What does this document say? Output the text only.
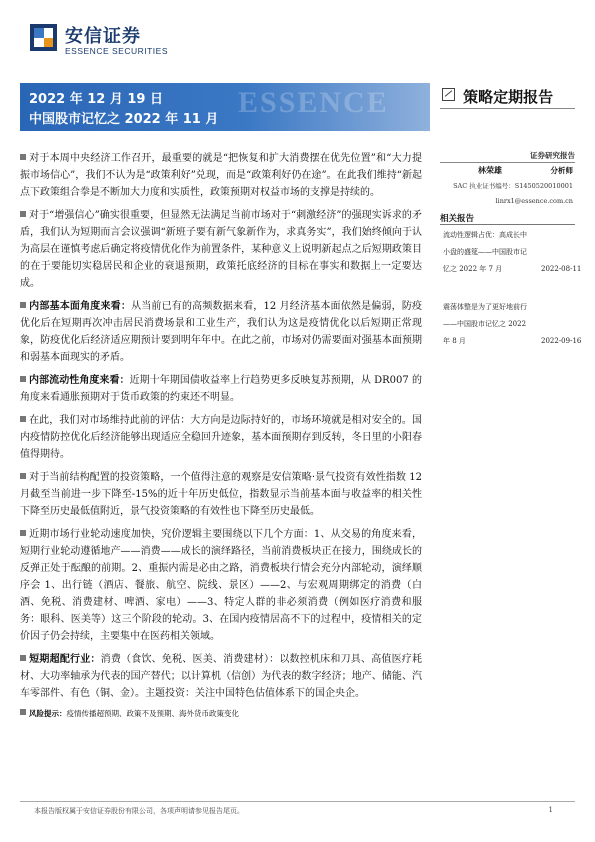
安信证券
ESSENCE SECURITIES
ESSENCE
2022 年 12 月 19 日
中国股市记忆之 2022 年 11 月
策略定期报告
证券研究报告
林荣雄	分析师
SAC 执业证书编号：S1450520010001
linrx1@essence.com.cn
相关报告
流动性逻辑占优：高成长中小盘的盛筵——中国股市记忆之 2022 年 7 月	2022-08-11
震荡体整是为了更好地前行——中国股市记忆之 2022 年 8 月	2022-09-16
对于本周中央经济工作召开，最重要的就是“把恢复和扩大消费摆在优先位置”和“大力提振市场信心”，我们不认为是“政策利好”兑现，而是“政策利好仍在途”。在此我们维持“新起点下政策组合拳是不断加大力度和实质性，政策预期对权益市场的支撑是持续的。
对于“增强信心”确实很重要，但显然无法满足当前市场对于“刺激经济”的强现实诉求的矛盾，我们认为短期而言会议强调“新班子要有新气象新作为，求真务实”，我们始终倾向于认为高层在谨慎考虑后确定将疫情优化作为前置条件，某种意义上说明新起点之后短期政策目的在于要能切实稳居民和企业的衰退预期，政策托底经济的目标在事实和数据上一定要达成。
内部基本面角度来看：从当前已有的高频数据来看，12 月经济基本面依然是偏弱，防疫优化后在短期再次冲击居民消费场景和工业生产，我们认为这是疫情优化以后短期正常现象，防疫优化后经济适应期预计要到明年年中。在此之前，市场对仍需要面对强基本面预期和弱基本面现实的矛盾。
内部流动性角度来看：近期十年期国债收益率上行趋势更多反映复苏预期，从 DR007 的角度来看通胀预期对于货币政策的约束还不明显。
在此，我们对市场维持此前的评估：大方向是边际持好的，市场环境就是相对安全的。国内疫情防控优化后经济能够出现适应全稳回升迹象，基本面预期存到反转，冬日里的小阳春值得期待。
对于当前结构配置的投资策略，一个值得注意的观察是安信策略·景气投资有效性指数 12 月截至当前进一步下降至-15%的近十年历史低位，指数显示当前基本面与收益率的相关性下降至历史最低值附近，景气投资策略的有效性也下降至历史最低。
近期市场行业轮动速度加快，究价逻辑主要围绕以下几个方面：1、从交易的角度来看，短期行业轮动遵循地产——消费——成长的演绎路径，当前消费板块正在接力，围绕成长的反弹正处于酝酿的前期。2、重振内需是必由之路，消费板块行情会充分内部轮动，演绎顺序会 1、出行链（酒店、餐旅、航空、院线、景区）——2、与宏观周期绑定的消费（白酒、免税、消费建材、啤酒、家电）——3、特定人群的非必须消费（例如医疗消费和服务：眼科、医美等）这三个阶段的轮动。3、在国内疫情居高不下的过程中，疫情相关的定价因子仍会持续，主要集中在医药相关领域。
短期超配行业：消费（食饮、免税、医美、消费建材）：以数控机床和刀具、高值医疗耗材、大功率轴承为代表的国产替代；以计算机（信创）为代表的数字经济；地产、储能、汽车零部件、有色（铜、金）。主题投资：关注中国特色估值体系下的国企央企。
风险提示：疫情传播超预期、政策不及预期、海外货币政策变化
本报告版权属于安信证券股份有限公司，各项声明请参见报告尾页。	1
